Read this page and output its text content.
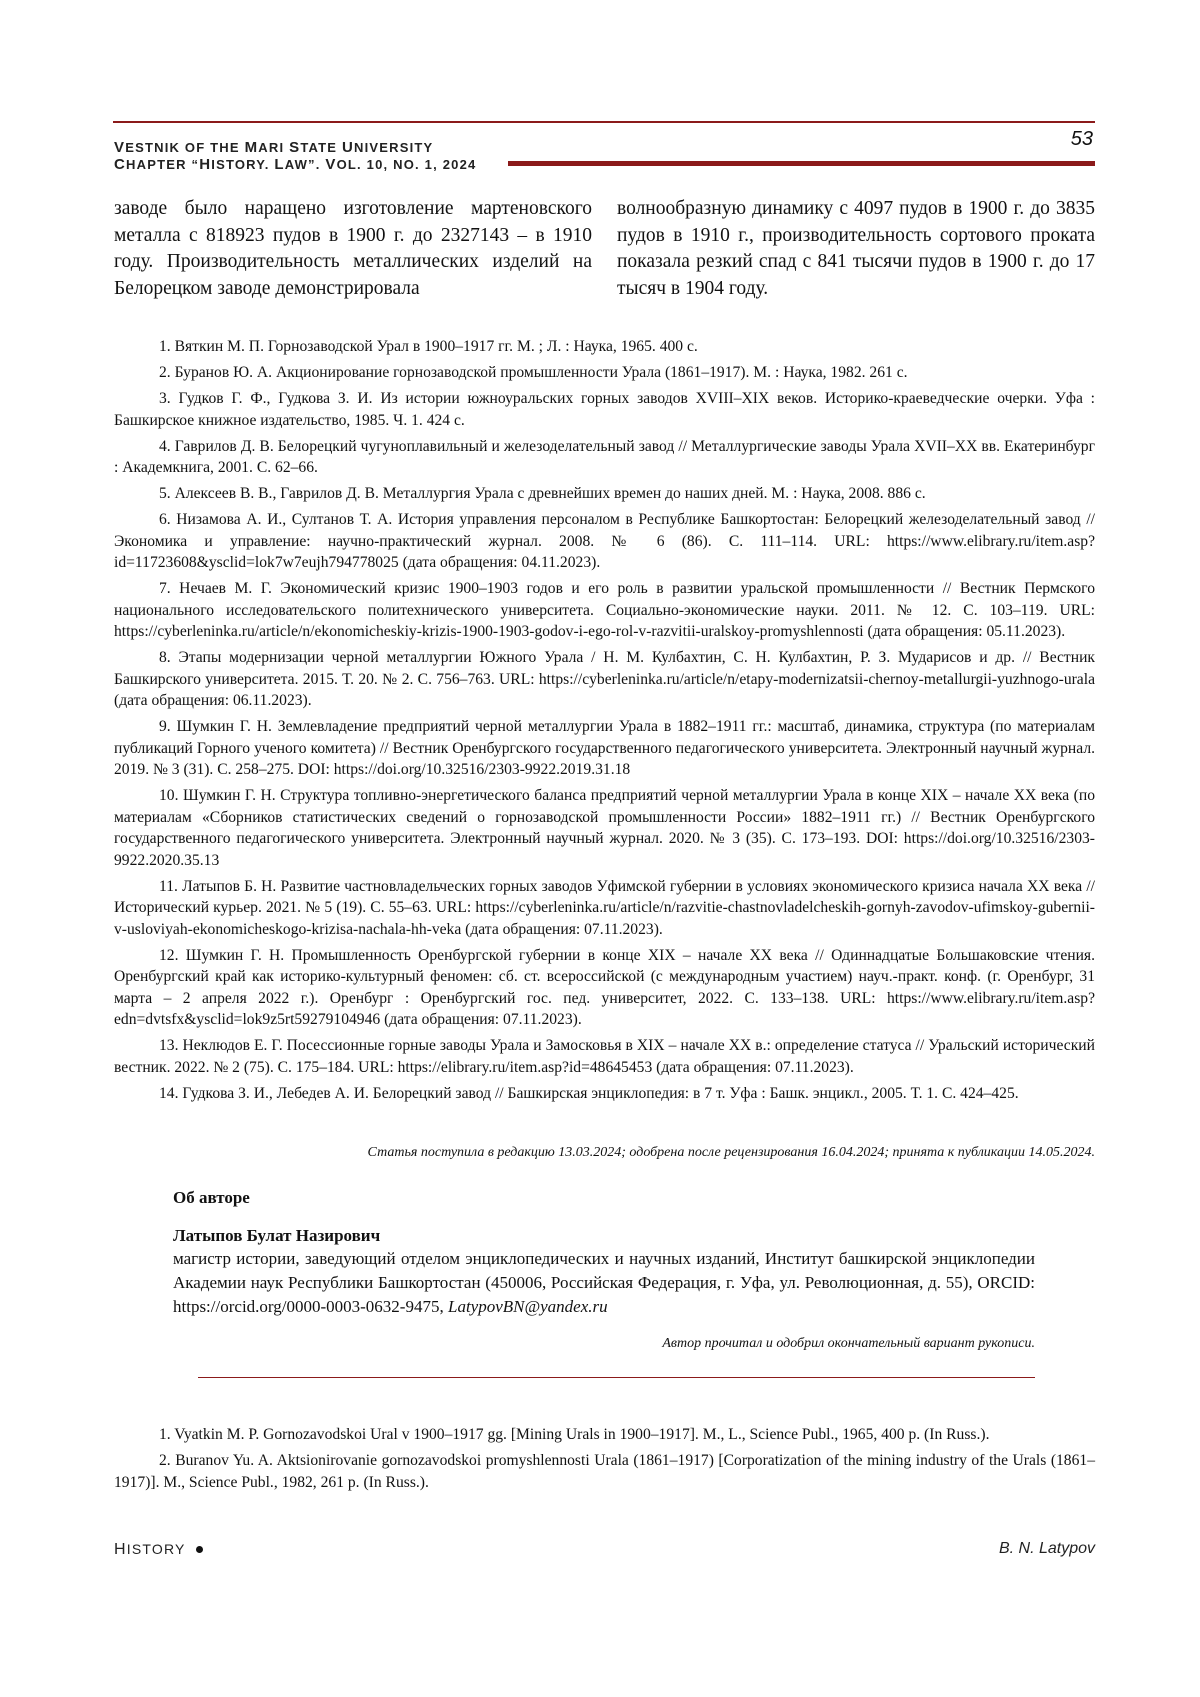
VESTNIK OF THE MARI STATE UNIVERSITY
CHAPTER “HISTORY. LAW”. VOL. 10, NO. 1, 2024
53
заводе было наращено изготовление мартеновского металла с 818923 пудов в 1900 г. до 2327143 – в 1910 году. Производительность металлических изделий на Белорецком заводе демонстрировала
волнообразную динамику с 4097 пудов в 1900 г. до 3835 пудов в 1910 г., производительность сортового проката показала резкий спад с 841 тысячи пудов в 1900 г. до 17 тысяч в 1904 году.

1. Вяткин М. П. Горнозаводской Урал в 1900–1917 гг. М. ; Л. : Наука, 1965. 400 с.

2. Буранов Ю. А. Акционирование горнозаводской промышленности Урала (1861–1917). М. : Наука, 1982. 261 с.

3. Гудков Г. Ф., Гудкова З. И. Из истории южноуральских горных заводов XVIII–XIX веков. Историко-краеведческие очерки. Уфа : Башкирское книжное издательство, 1985. Ч. 1. 424 с.

4. Гаврилов Д. В. Белорецкий чугуноплавильный и железоделательный завод // Металлургические заводы Урала XVII–XX вв. Екатеринбург : Академкнига, 2001. С. 62–66.

5. Алексеев В. В., Гаврилов Д. В. Металлургия Урала с древнейших времен до наших дней. М. : Наука, 2008. 886 с.

6. Низамова А. И., Султанов Т. А. История управления персоналом в Республике Башкортостан: Белорецкий железоделательный завод // Экономика и управление: научно-практический журнал. 2008. № 6 (86). С. 111–114. URL: https://www.elibrary.ru/item.asp?id=11723608&ysclid=lok7w7eujh794778025 (дата обращения: 04.11.2023).

7. Нечаев М. Г. Экономический кризис 1900–1903 годов и его роль в развитии уральской промышленности // Вестник Пермского национального исследовательского политехнического университета. Социально-экономические науки. 2011. № 12. С. 103–119. URL: https://cyberleninka.ru/article/n/ekonomicheskiy-krizis-1900-1903-godov-i-ego-rol-v-razvitii-uralskoy-promyshlennosti (дата обращения: 05.11.2023).

8. Этапы модернизации черной металлургии Южного Урала / Н. М. Кулбахтин, С. Н. Кулбахтин, Р. З. Мударисов и др. // Вестник Башкирского университета. 2015. Т. 20. № 2. С. 756–763. URL: https://cyberleninka.ru/article/n/etapy-modernizatsii-chernoy-metallurgii-yuzhnogo-urala (дата обращения: 06.11.2023).

9. Шумкин Г. Н. Землевладение предприятий черной металлургии Урала в 1882–1911 гг.: масштаб, динамика, структура (по материалам публикаций Горного ученого комитета) // Вестник Оренбургского государственного педагогического университета. Электронный научный журнал. 2019. № 3 (31). С. 258–275. DOI: https://doi.org/10.32516/2303-9922.2019.31.18

10. Шумкин Г. Н. Структура топливно-энергетического баланса предприятий черной металлургии Урала в конце XIX – начале XX века (по материалам «Сборников статистических сведений о горнозаводской промышленности России» 1882–1911 гг.) // Вестник Оренбургского государственного педагогического университета. Электронный научный журнал. 2020. № 3 (35). С. 173–193. DOI: https://doi.org/10.32516/2303-9922.2020.35.13

11. Латыпов Б. Н. Развитие частновладельческих горных заводов Уфимской губернии в условиях экономического кризиса начала XX века // Исторический курьер. 2021. № 5 (19). С. 55–63. URL: https://cyberleninka.ru/article/n/razvitie-chastnovladelcheskih-gornyh-zavodov-ufimskoy-gubernii-v-usloviyah-ekonomicheskogo-krizisa-nachala-hh-veka (дата обращения: 07.11.2023).

12. Шумкин Г. Н. Промышленность Оренбургской губернии в конце XIX – начале XX века // Одиннадцатые Большаковские чтения. Оренбургский край как историко-культурный феномен: сб. ст. всероссийской (с международным участием) науч.-практ. конф. (г. Оренбург, 31 марта – 2 апреля 2022 г.). Оренбург : Оренбургский гос. пед. университет, 2022. С. 133–138. URL: https://www.elibrary.ru/item.asp?edn=dvtsfx&ysclid=lok9z5rt59279104946 (дата обращения: 07.11.2023).

13. Неклюдов Е. Г. Посессионные горные заводы Урала и Замосковья в XIX – начале XX в.: определение статуса // Уральский исторический вестник. 2022. № 2 (75). С. 175–184. URL: https://elibrary.ru/item.asp?id=48645453 (дата обращения: 07.11.2023).

14. Гудкова З. И., Лебедев А. И. Белорецкий завод // Башкирская энциклопедия: в 7 т. Уфа : Башк. энцикл., 2005. Т. 1. С. 424–425.

Статья поступила в редакцию 13.03.2024; одобрена после рецензирования 16.04.2024; принята к публикации 14.05.2024.

Об авторе

Латыпов Булат Назирович

магистр истории, заведующий отделом энциклопедических и научных изданий, Институт башкирской энциклопедии Академии наук Республики Башкортостан (450006, Российская Федерация, г. Уфа, ул. Революционная, д. 55), ORCID: https://orcid.org/0000-0003-0632-9475, LatypovBN@yandex.ru

Автор прочитал и одобрил окончательный вариант рукописи.

1. Vyatkin M. P. Gornozavodskoi Ural v 1900–1917 gg. [Mining Urals in 1900–1917]. M., L., Science Publ., 1965, 400 p. (In Russ.).

2. Buranov Yu. A. Aktsionirovanie gornozavodskoi promyshlennosti Urala (1861–1917) [Corporatization of the mining industry of the Urals (1861–1917)]. M., Science Publ., 1982, 261 p. (In Russ.).

HISTORY	B. N. Latypov
